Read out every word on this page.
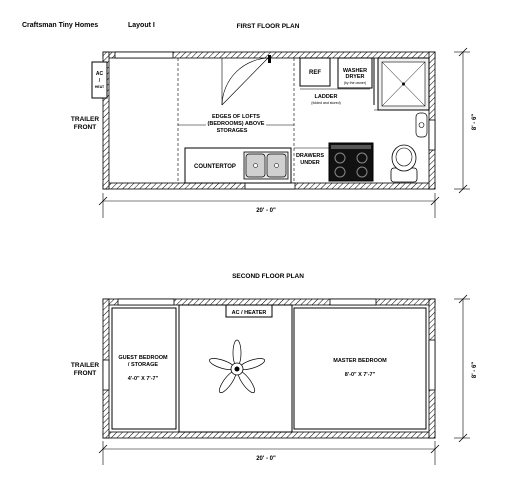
Craftsman Tiny Homes	Layout I	FIRST FLOOR PLAN
AC
/
HEAT
TRAILER
FRONT
EDGES OF LOFTS
(BEDROOMS) ABOVE
STORAGES
COUNTERTOP
REF	WASHER
DRYER
(by the owner)
LADDER
(folded and stored)
DRAWERS
UNDER
20' - 0"
8' - 6"
SECOND FLOOR PLAN
AC / HEATER
TRAILER
FRONT
GUEST BEDROOM
/ STORAGE
4'-0" X 7'-7"
MASTER BEDROOM
8'-0" X 7'-7"
20' - 0"
8' - 6"
